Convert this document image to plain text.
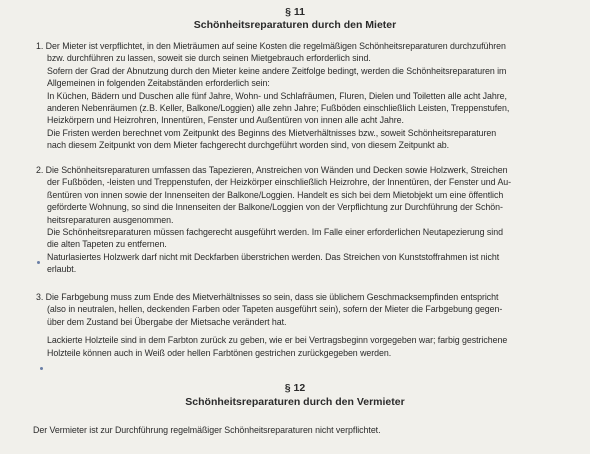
§ 11
Schönheitsreparaturen durch den Mieter
1. Der Mieter ist verpflichtet, in den Mieträumen auf seine Kosten die regelmäßigen Schönheitsreparaturen durchzuführen
bzw. durchführen zu lassen, soweit sie durch seinen Mietgebrauch erforderlich sind.
Sofern der Grad der Abnutzung durch den Mieter keine andere Zeitfolge bedingt, werden die Schönheitsreparaturen im
Allgemeinen in folgenden Zeitabständen erforderlich sein:
In Küchen, Bädern und Duschen alle fünf Jahre, Wohn- und Schlafräumen, Fluren, Dielen und Toiletten alle acht Jahre,
anderen Nebenräumen (z.B. Keller, Balkone/Loggien) alle zehn Jahre; Fußböden einschließlich Leisten, Treppenstufen,
Heizkörpern und Heizrohren, Innentüren, Fenster und Außentüren von innen alle acht Jahre.
Die Fristen werden berechnet vom Zeitpunkt des Beginns des Mietverhältnisses bzw., soweit Schönheitsreparaturen
nach diesem Zeitpunkt von dem Mieter fachgerecht durchgeführt worden sind, von diesem Zeitpunkt ab.
2. Die Schönheitsreparaturen umfassen das Tapezieren, Anstreichen von Wänden und Decken sowie Holzwerk, Streichen
der Fußböden, -leisten und Treppenstufen, der Heizkörper einschließlich Heizrohre, der Innentüren, der Fenster und Au-
ßentüren von innen sowie der Innenseiten der Balkone/Loggien. Handelt es sich bei dem Mietobjekt um eine öffentlich
geförderte Wohnung, so sind die Innenseiten der Balkone/Loggien von der Verpflichtung zur Durchführung der Schön-
heitsreparaturen ausgenommen.
Die Schönheitsreparaturen müssen fachgerecht ausgeführt werden. Im Falle einer erforderlichen Neutapezierung sind
die alten Tapeten zu entfernen.
Naturlasiertes Holzwerk darf nicht mit Deckfarben überstrichen werden. Das Streichen von Kunststoffrahmen ist nicht
erlaubt.
3. Die Farbgebung muss zum Ende des Mietverhältnisses so sein, dass sie üblichem Geschmacksempfinden entspricht
(also in neutralen, hellen, deckenden Farben oder Tapeten ausgeführt sein), sofern der Mieter die Farbgebung gegen-
über dem Zustand bei Übergabe der Mietsache verändert hat.
Lackierte Holzteile sind in dem Farbton zurück zu geben, wie er bei Vertragsbeginn vorgegeben war; farbig gestrichene
Holzteile können auch in Weiß oder hellen Farbtönen gestrichen zurückgegeben werden.
§ 12
Schönheitsreparaturen durch den Vermieter
Der Vermieter ist zur Durchführung regelmäßiger Schönheitsreparaturen nicht verpflichtet.
